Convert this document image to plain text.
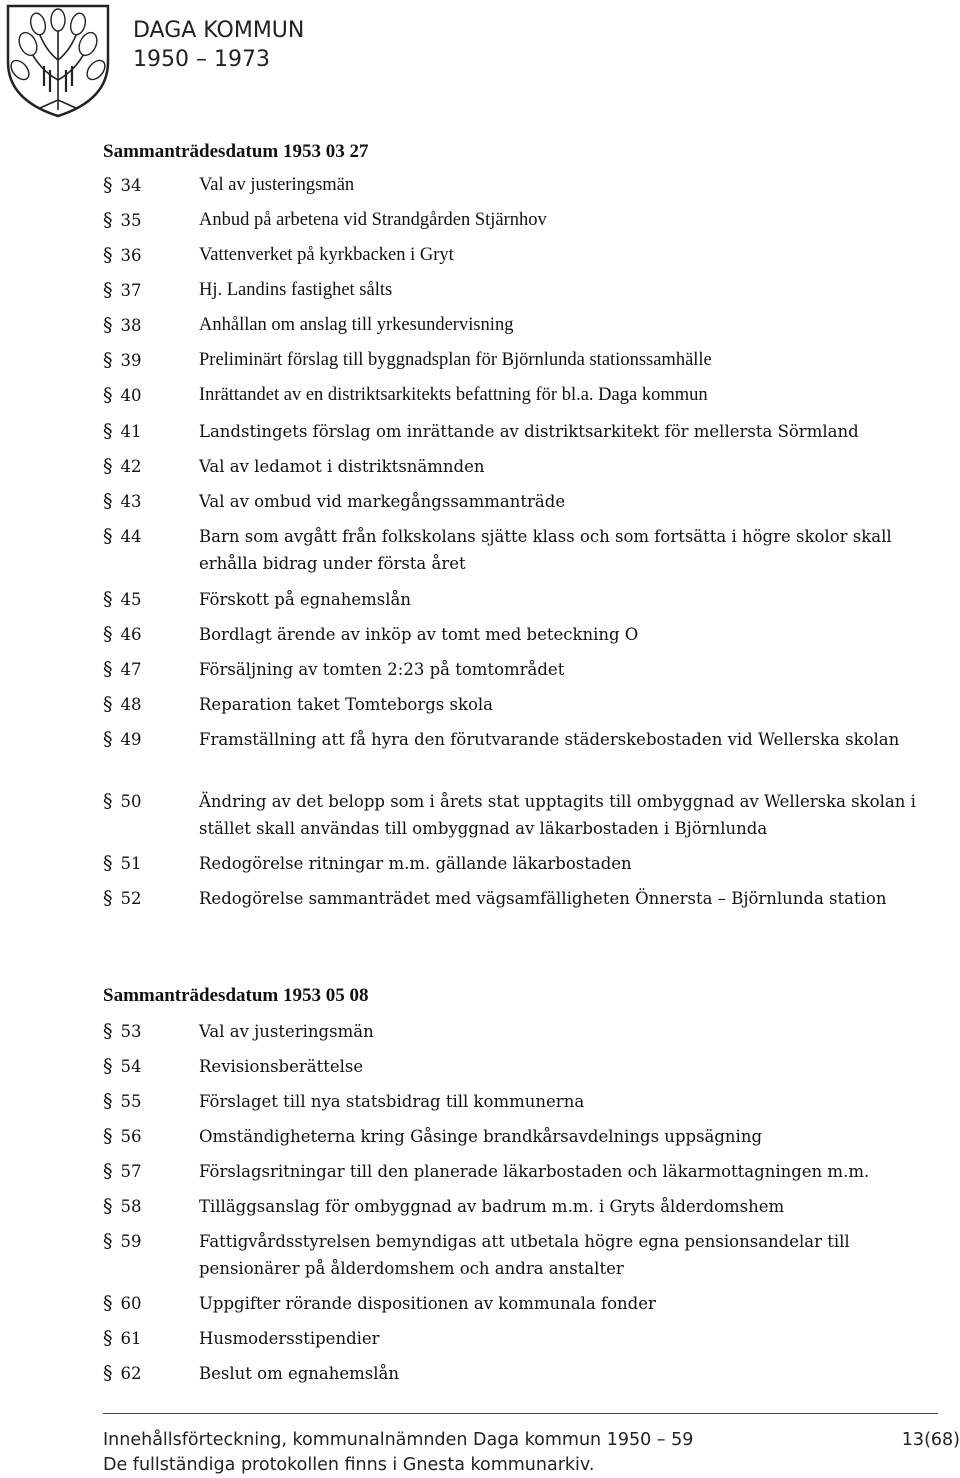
DAGA KOMMUN
1950 – 1973
Sammanträdesdatum 1953 03 27
§ 34	Val av justeringsmän
§ 35	Anbud på arbetena vid Strandgården Stjärnhov
§ 36	Vattenverket på kyrkbacken i Gryt
§ 37	Hj. Landins fastighet sålts
§ 38	Anhållan om anslag till yrkesundervisning
§ 39	Preliminärt förslag till byggnadsplan för Björnlunda stationssamhälle
§ 40	Inrättandet av en distriktsarkitekts befattning för bl.a. Daga kommun
§ 41	Landstingets förslag om inrättande av distriktsarkitekt för mellersta Sörmland
§ 42	Val av ledamot i distriktsnämnden
§ 43	Val av ombud vid markegångssammanträde
§ 44	Barn som avgått från folkskolans sjätte klass och som fortsätta i högre skolor skall erhålla bidrag under första året
§ 45	Förskott på egnahemslån
§ 46	Bordlagt ärende av inköp av tomt med beteckning O
§ 47	Försäljning av tomten 2:23 på tomtområdet
§ 48	Reparation taket Tomteborgs skola
§ 49	Framställning att få hyra den förutvarande städerskebostaden vid Wellerska skolan
§ 50	Ändring av det belopp som i årets stat upptagits till ombyggnad av Wellerska skolan i stället skall användas till ombyggnad av läkarbostaden i Björnlunda
§ 51	Redogörelse ritningar m.m. gällande läkarbostaden
§ 52	Redogörelse sammanträdet med vägsamfälligheten Önnersta – Björnlunda station
Sammanträdesdatum 1953 05 08
§ 53	Val av justeringsmän
§ 54	Revisionsberättelse
§ 55	Förslaget till nya statsbidrag till kommunerna
§ 56	Omständigheterna kring Gåsinge brandkårsavdelnings uppsägning
§ 57	Förslagsritningar till den planerade läkarbostaden och läkarmottagningen m.m.
§ 58	Tilläggsanslag för ombyggnad av badrum m.m. i Gryts ålderdomshem
§ 59	Fattigvårdsstyrelsen bemyndigas att utbetala högre egna pensionsandelar till pensionärer på ålderdomshem och andra anstalter
§ 60	Uppgifter rörande dispositionen av kommunala fonder
§ 61	Husmodersstipendier
§ 62	Beslut om egnahemslån
Innehållsförteckning, kommunalnämnden Daga kommun 1950 – 59
De fullständiga protokollen finns i Gnesta kommunarkiv.
13(68)
